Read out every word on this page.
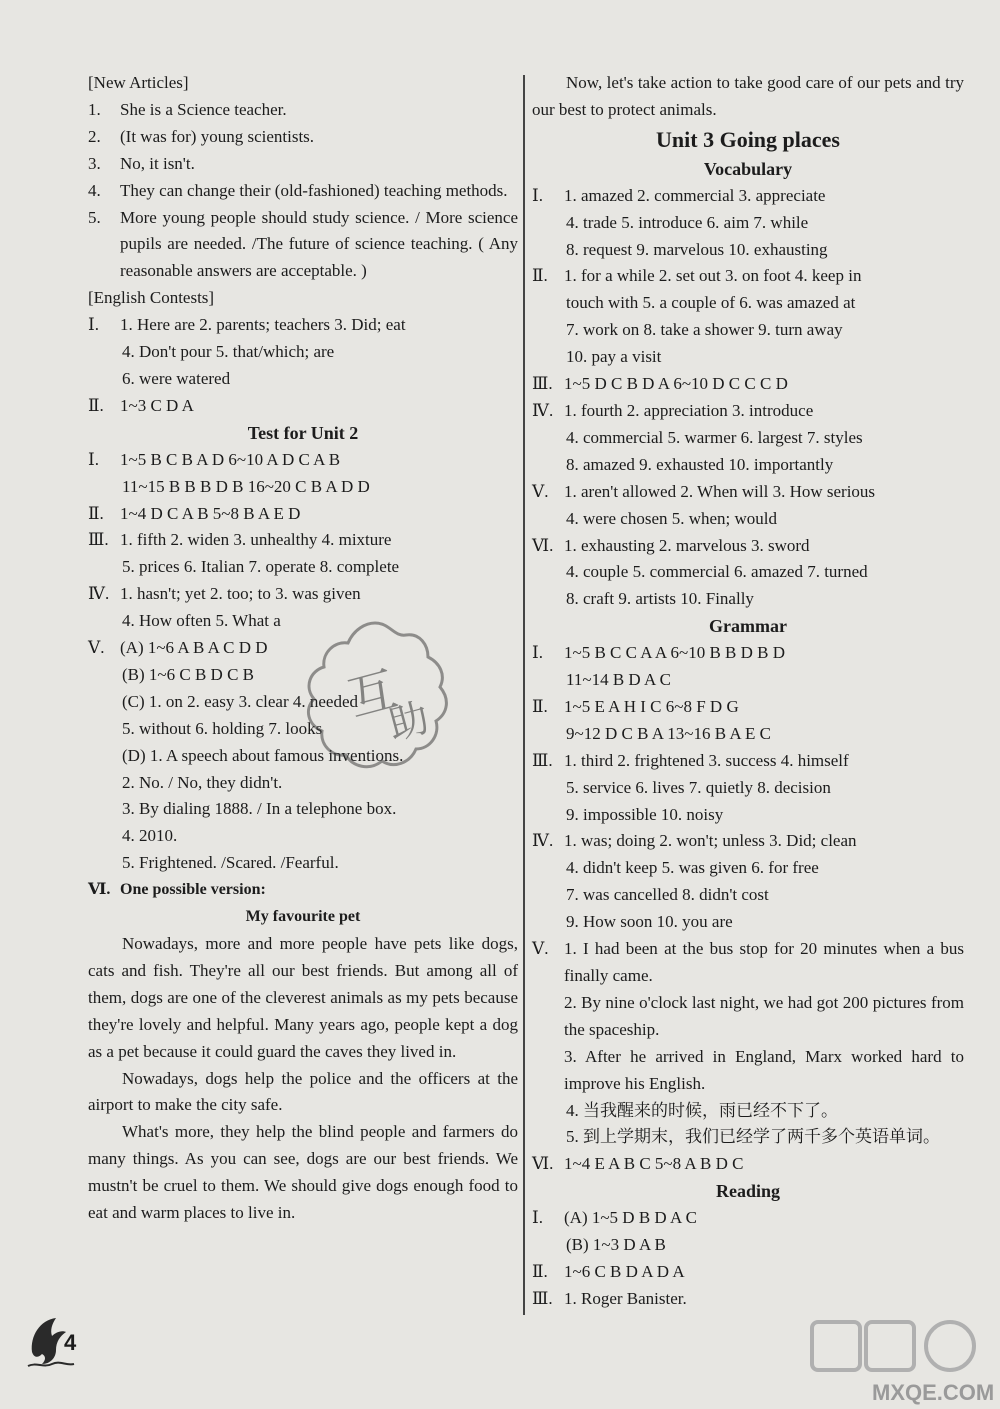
[New Articles]
1. She is a Science teacher.
2. (It was for) young scientists.
3. No, it isn't.
4.	They can change their (old-fashioned) teaching methods.
5.	More young people should study science. / More science pupils are needed. /The future of science teaching. ( Any reasonable answers are acceptable. )
[English Contests]
Ⅰ. 1. Here are 2. parents; teachers 3. Did; eat
4. Don't pour 5. that/which; are
6. were watered
Ⅱ. 1~3 C D A
Test for Unit 2
Ⅰ. 1~5 B C B A D 6~10 A D C A B
11~15 B B B D B 16~20 C B A D D
Ⅱ. 1~4 D C A B 5~8 B A E D
Ⅲ. 1. fifth 2. widen 3. unhealthy 4. mixture
5. prices 6. Italian 7. operate 8. complete
Ⅳ. 1. hasn't; yet 2. too; to 3. was given
4. How often 5. What a
Ⅴ. (A) 1~6 A B A C D D
(B) 1~6 C B D C B
(C) 1. on 2. easy 3. clear 4. needed
5. without 6. holding 7. looks
(D) 1. A speech about famous inventions.
2. No. / No, they didn't.
3. By dialing 1888. / In a telephone box.
4. 2010.
5. Frightened. /Scared. /Fearful.
Ⅵ. One possible version:
My favourite pet
Nowadays, more and more people have pets like dogs, cats and fish. They're all our best friends. But among all of them, dogs are one of the cleverest animals as my pets because they're lovely and helpful. Many years ago, people kept a dog as a pet because it could guard the caves they lived in.
Nowadays, dogs help the police and the officers at the airport to make the city safe.
What's more, they help the blind people and farmers do many things. As you can see, dogs are our best friends. We mustn't be cruel to them. We should give dogs enough food to eat and warm places to live in.
Now, let's take action to take good care of our pets and try our best to protect animals.
Unit 3 Going places
Vocabulary
Ⅰ. 1. amazed 2. commercial 3. appreciate
4. trade 5. introduce 6. aim 7. while
8. request 9. marvelous 10. exhausting
Ⅱ. 1. for a while 2. set out 3. on foot 4. keep in
touch with 5. a couple of 6. was amazed at
7. work on 8. take a shower 9. turn away
10. pay a visit
Ⅲ. 1~5 D C B D A 6~10 D C C C D
Ⅳ. 1. fourth 2. appreciation 3. introduce
4. commercial 5. warmer 6. largest 7. styles
8. amazed 9. exhausted 10. importantly
Ⅴ. 1. aren't allowed 2. When will 3. How serious
4. were chosen 5. when; would
Ⅵ. 1. exhausting 2. marvelous 3. sword
4. couple 5. commercial 6. amazed 7. turned
8. craft 9. artists 10. Finally
Grammar
Ⅰ. 1~5 B C C A A 6~10 B B D B D
11~14 B D A C
Ⅱ. 1~5 E A H I C 6~8 F D G
9~12 D C B A 13~16 B A E C
Ⅲ. 1. third 2. frightened 3. success 4. himself
5. service 6. lives 7. quietly 8. decision
9. impossible 10. noisy
Ⅳ. 1. was; doing 2. won't; unless 3. Did; clean
4. didn't keep 5. was given 6. for free
7. was cancelled 8. didn't cost
9. How soon 10. you are
Ⅴ. 1. I had been at the bus stop for 20 minutes when a bus finally came.
2. By nine o'clock last night, we had got 200 pictures from the spaceship.
3. After he arrived in England, Marx worked hard to improve his English.
4. 当我醒来的时候，雨已经不下了。
5. 到上学期末，我们已经学了两千多个英语单词。
Ⅵ. 1~4 E A B C 5~8 A B D C
Reading
Ⅰ. (A) 1~5 D B D A C
(B) 1~3 D A B
Ⅱ. 1~6 C B D A D A
Ⅲ. 1. Roger Banister.
互
助
4
MXQE.COM
